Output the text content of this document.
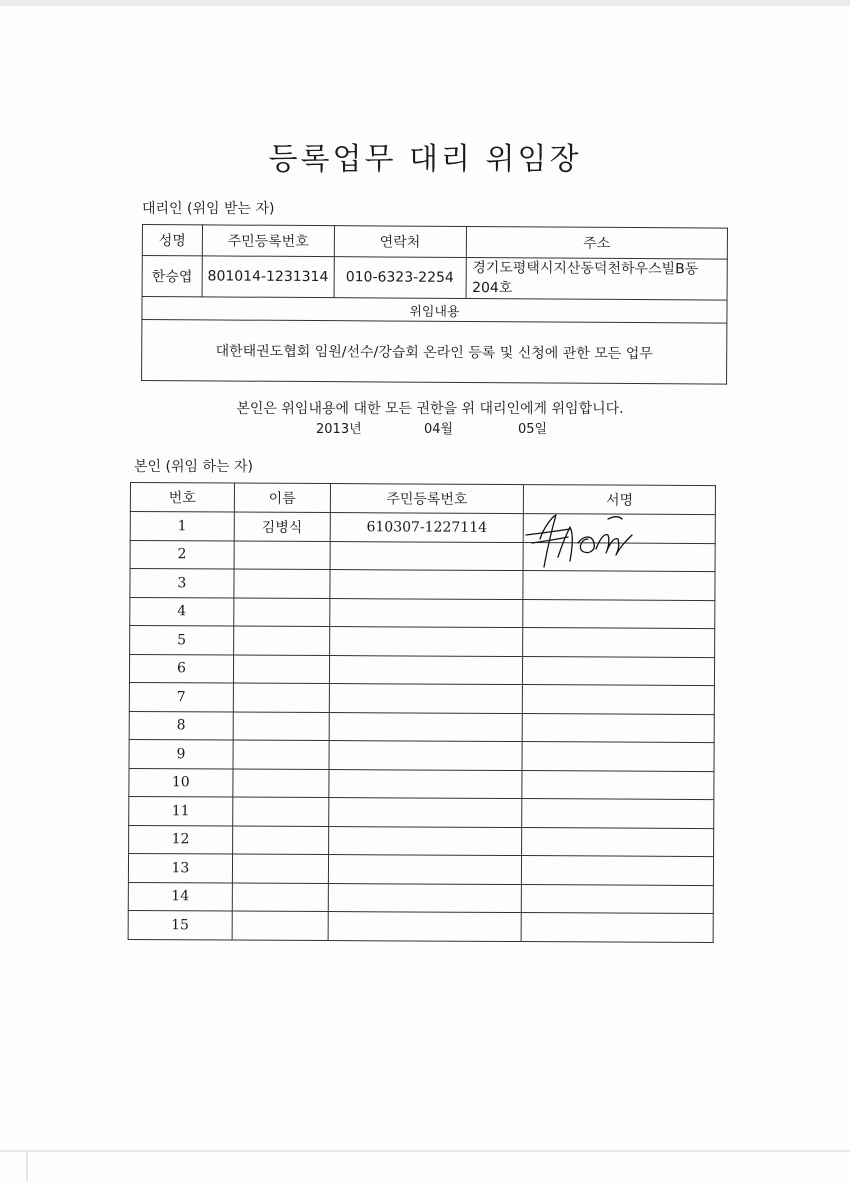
등록업무 대리 위임장
대리인 (위임 받는 자)
성명	주민등록번호	연락처	주소
한승엽	801014-1231314	010-6323-2254	경기도평택시지산동덕천하우스빌B동
204호

위임내용			
대한태권도협회 임원/선수/강습회 온라인 등록 및 신청에 관한 모든 업무			
본인은 위임내용에 대한 모든 권한을 위 대리인에게 위임합니다.
2013년	04월	05일
본인 (위임 하는 자)
번호	이름	주민등록번호	서명
1	김병식	610307-1227114	
2			
3			
4			
5			
6			
7			
8			
9			
10			
11			
12			
13			
14			
15			
